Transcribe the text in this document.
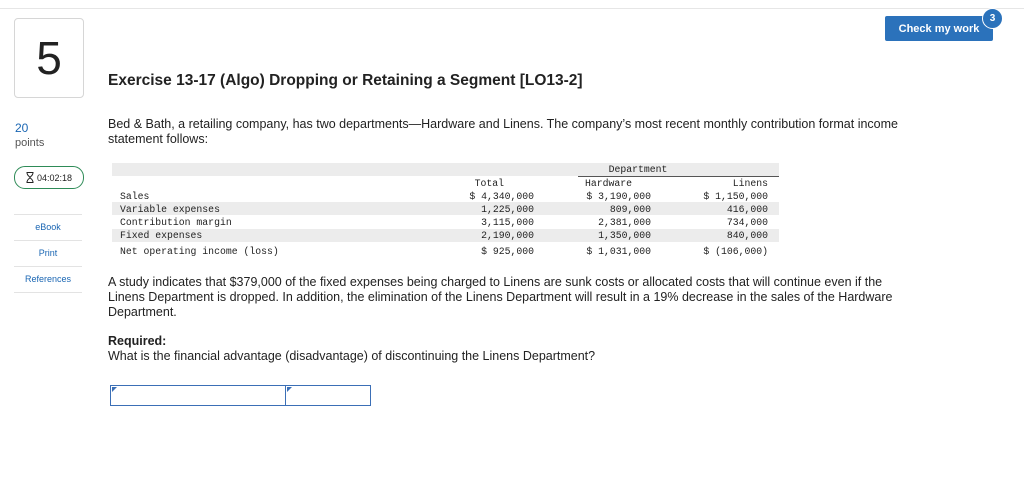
5
20
points
04:02:18
eBook
Print
References
Check my work
3
Exercise 13-17 (Algo) Dropping or Retaining a Segment [LO13-2]
Bed & Bath, a retailing company, has two departments—Hardware and Linens. The company’s most recent monthly contribution format income statement follows:
Department
Total	Hardware	Linens
Sales	$ 4,340,000	$ 3,190,000	$ 1,150,000
Variable expenses	1,225,000	809,000	416,000
Contribution margin	3,115,000	2,381,000	734,000
Fixed expenses	2,190,000	1,350,000	840,000
Net operating income (loss)	$ 925,000	$ 1,031,000	$ (106,000)
A study indicates that $379,000 of the fixed expenses being charged to Linens are sunk costs or allocated costs that will continue even if the Linens Department is dropped. In addition, the elimination of the Linens Department will result in a 19% decrease in the sales of the Hardware Department.
Required:
What is the financial advantage (disadvantage) of discontinuing the Linens Department?
